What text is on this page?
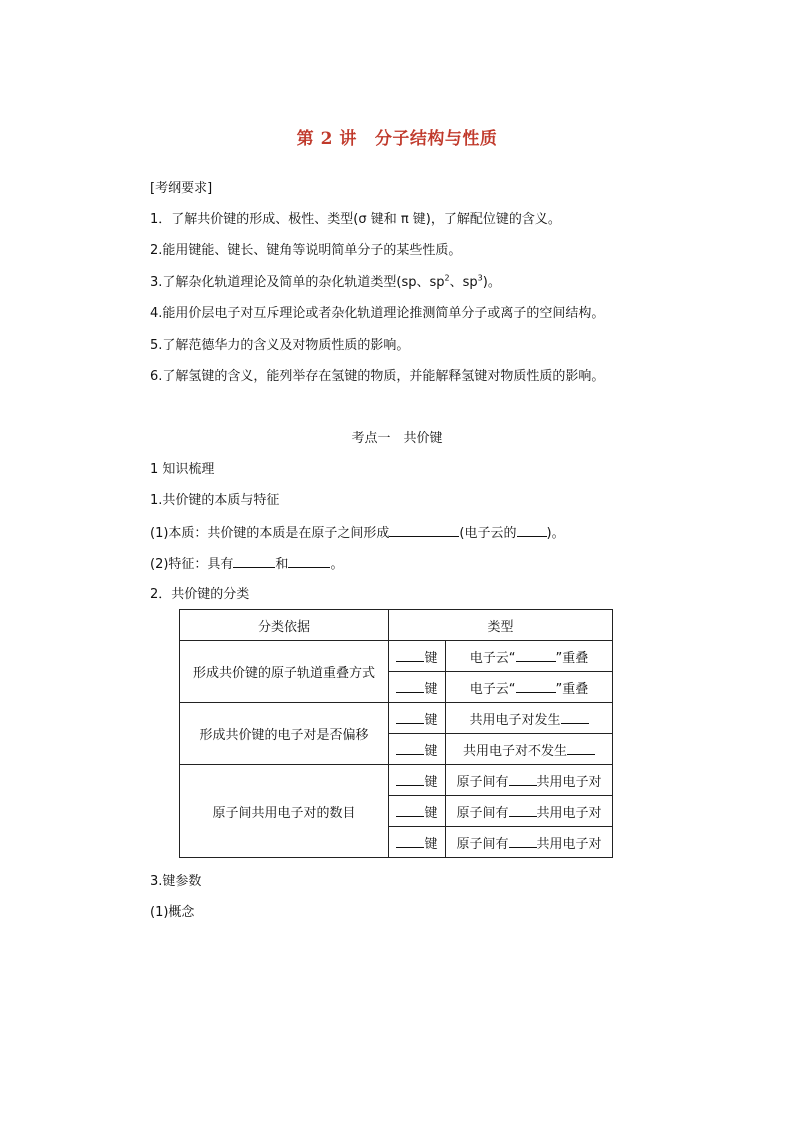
第 2 讲 分子结构与性质
[考纲要求]
1．了解共价键的形成、极性、类型(σ 键和 π 键)，了解配位键的含义。
2.能用键能、键长、键角等说明简单分子的某些性质。
3.了解杂化轨道理论及简单的杂化轨道类型(sp、$sp^2$、$sp^3$)。
4.能用价层电子对互斥理论或者杂化轨道理论推测简单分子或离子的空间结构。
5.了解范德华力的含义及对物质性质的影响。
6.了解氢键的含义，能列举存在氢键的物质，并能解释氢键对物质性质的影响。
考点一　共价键
1 知识梳理
1.共价键的本质与特征
(1)本质：共价键的本质是在原子之间形成	(电子云的 )。
(2)特征：具有	和	。
2．共价键的分类
分类依据	类型	
形成共价键的原子轨道重叠方式	键	电子云“ ”重叠
	键	电子云“ ”重叠
形成共价键的电子对是否偏移	键	共用电子对发生
	键	共用电子对不发生
原子间共用电子对的数目	键	原子间有 共用电子对
	键	原子间有 共用电子对
	键	原子间有 共用电子对
3.键参数
(1)概念
